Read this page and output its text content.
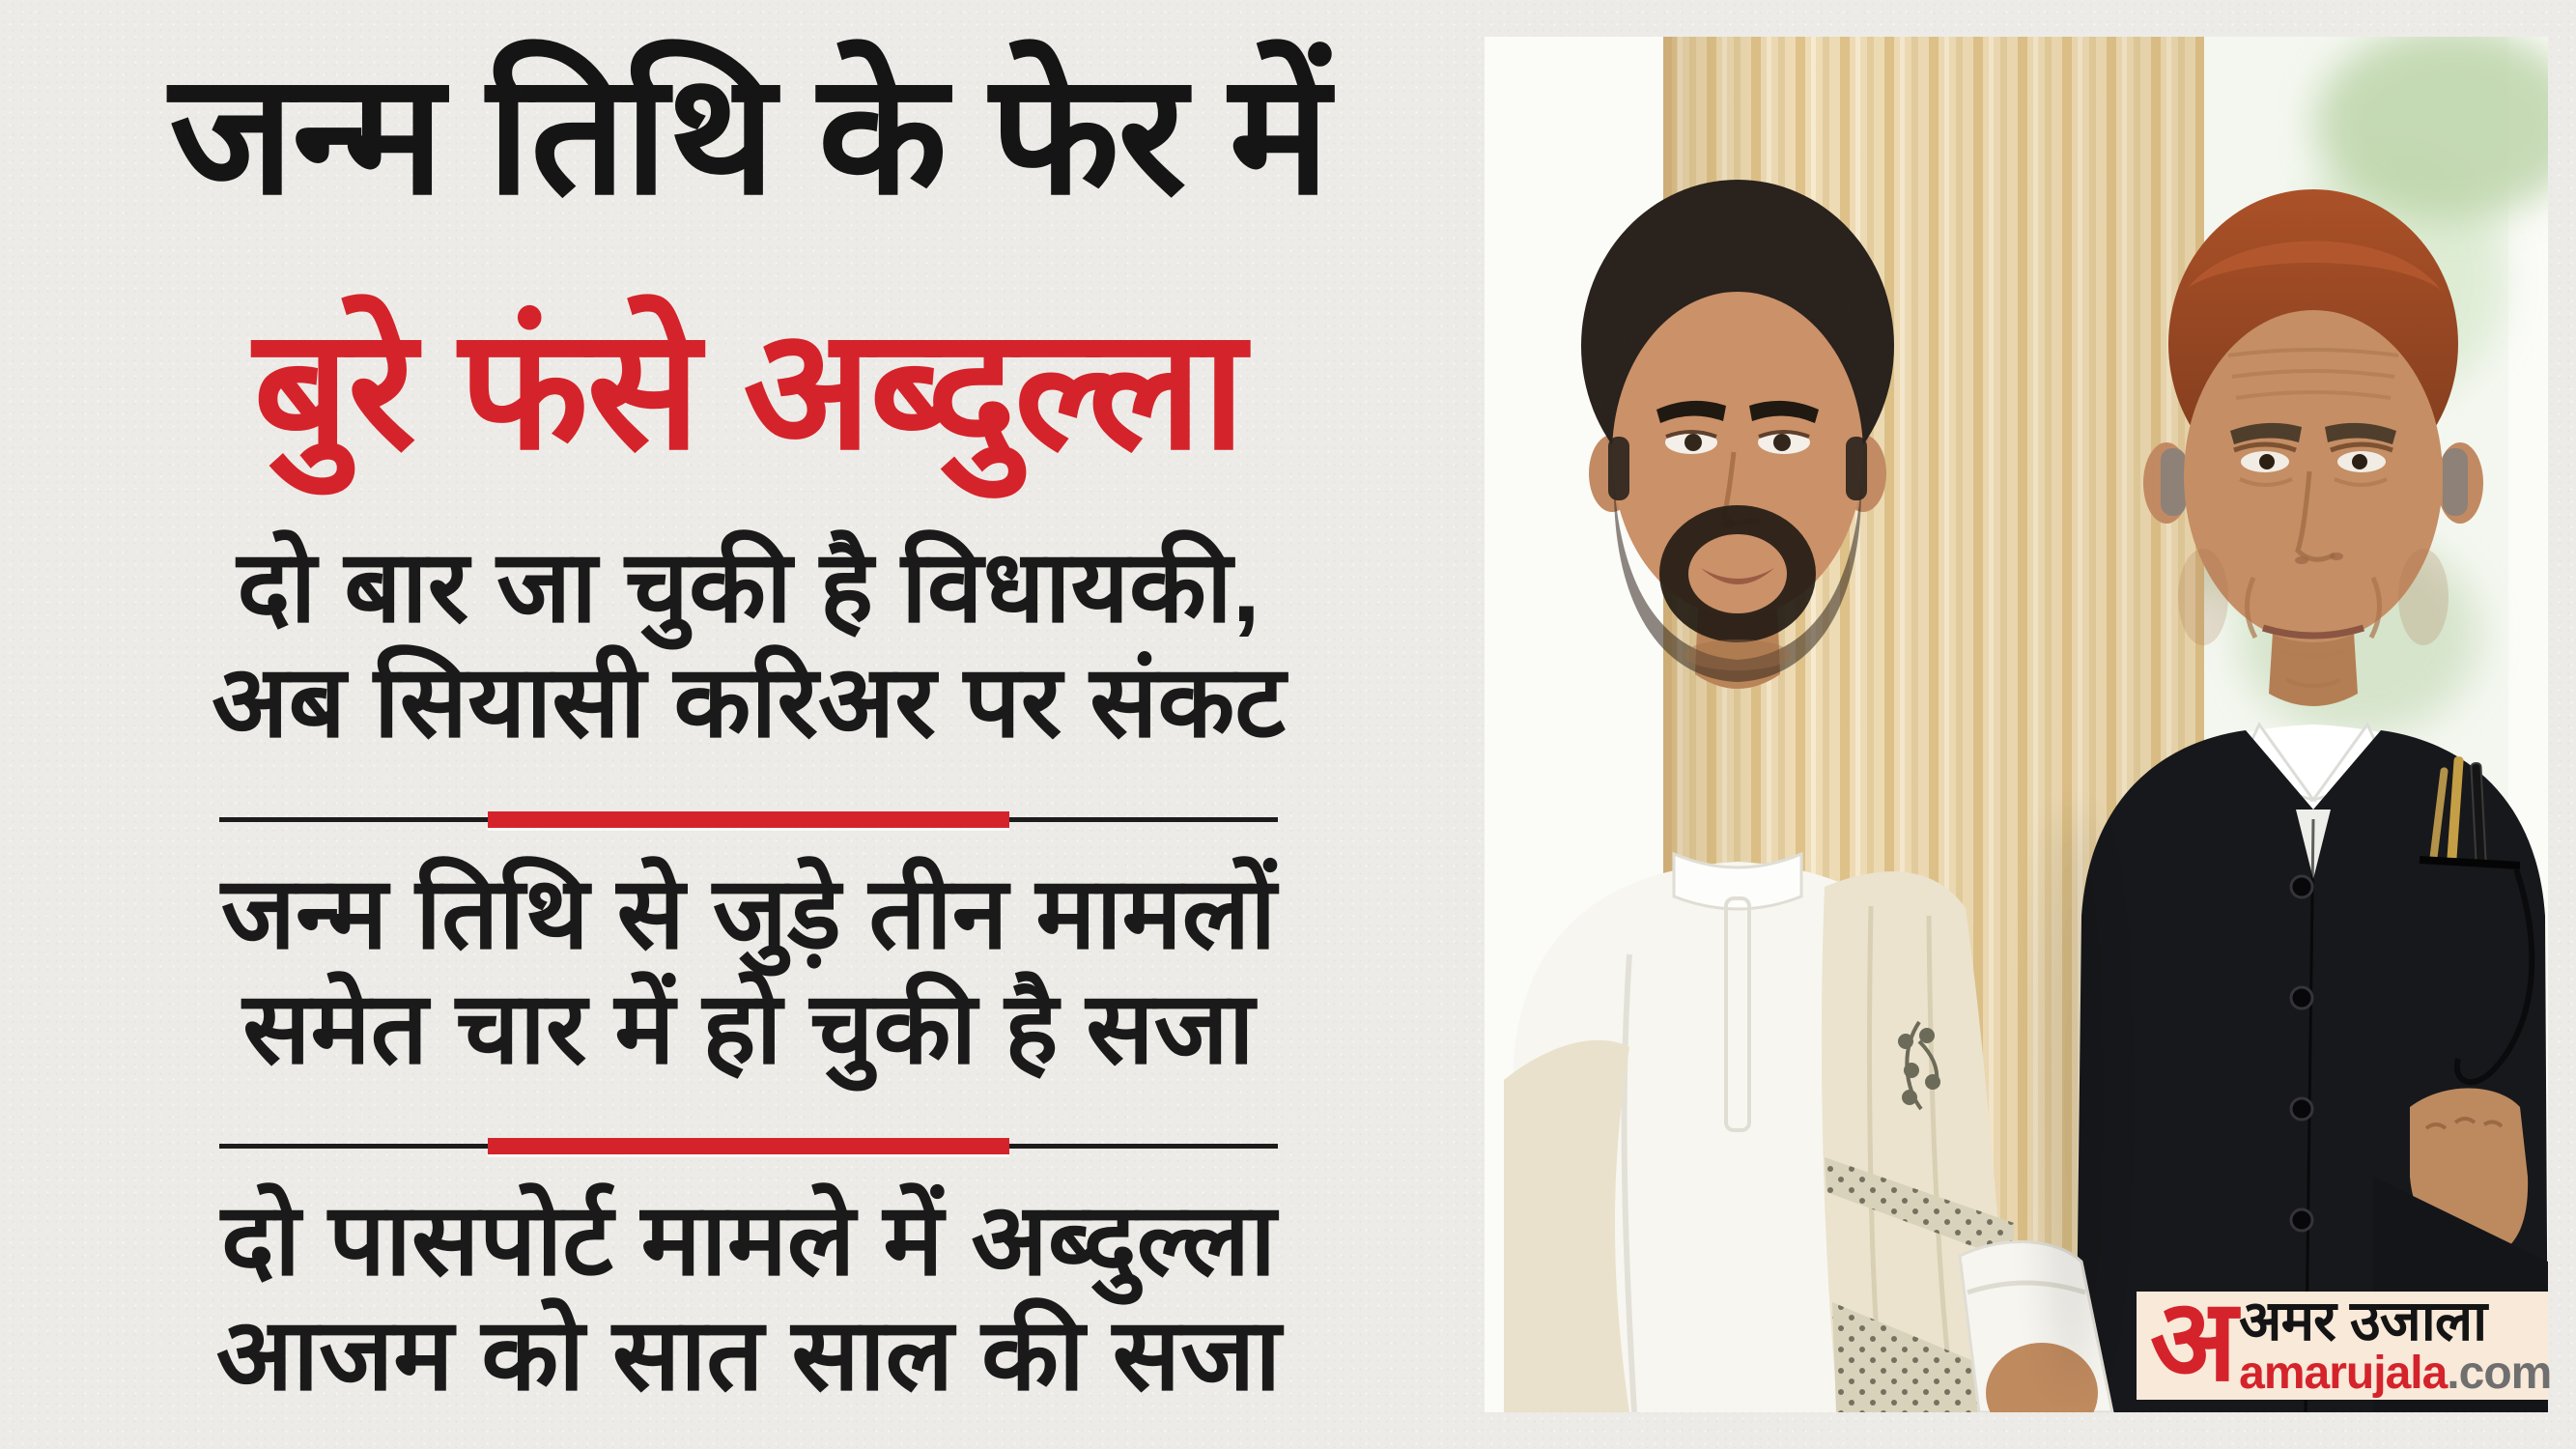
जन्म तिथि के फेर में
बुरे फंसे अब्दुल्ला

दो बार जा चुकी है विधायकी,

अब सियासी करिअर पर संकट

जन्म तिथि से जुड़े तीन मामलों

समेत चार में हो चुकी है सजा

दो पासपोर्ट मामले में अब्दुल्ला

आजम को सात साल की सजा	अ अमर उजाला
amarujala.com
